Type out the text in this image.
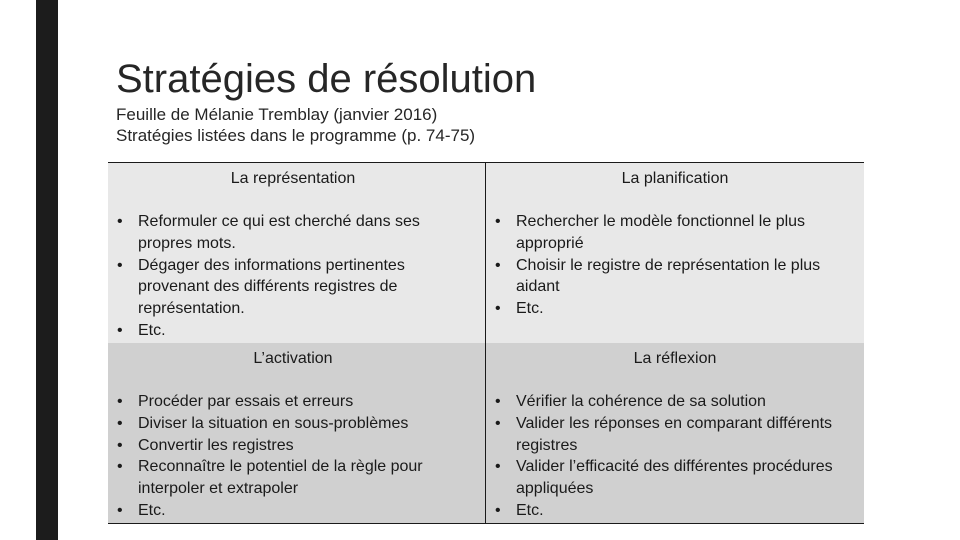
Stratégies de résolution
Feuille de Mélanie Tremblay (janvier 2016)
Stratégies listées dans le programme (p. 74-75)
La représentation
• Reformuler ce qui est cherché dans ses propres mots.
• Dégager des informations pertinentes provenant des différents registres de représentation.
• Etc.
La planification
• Rechercher le modèle fonctionnel le plus approprié
• Choisir le registre de représentation le plus aidant
• Etc.
L’activation
• Procéder par essais et erreurs
• Diviser la situation en sous-problèmes
• Convertir les registres
• Reconnaître le potentiel de la règle pour interpoler et extrapoler
• Etc.
La réflexion
• Vérifier la cohérence de sa solution
• Valider les réponses en comparant différents registres
• Valider l’efficacité des différentes procédures appliquées
• Etc.
